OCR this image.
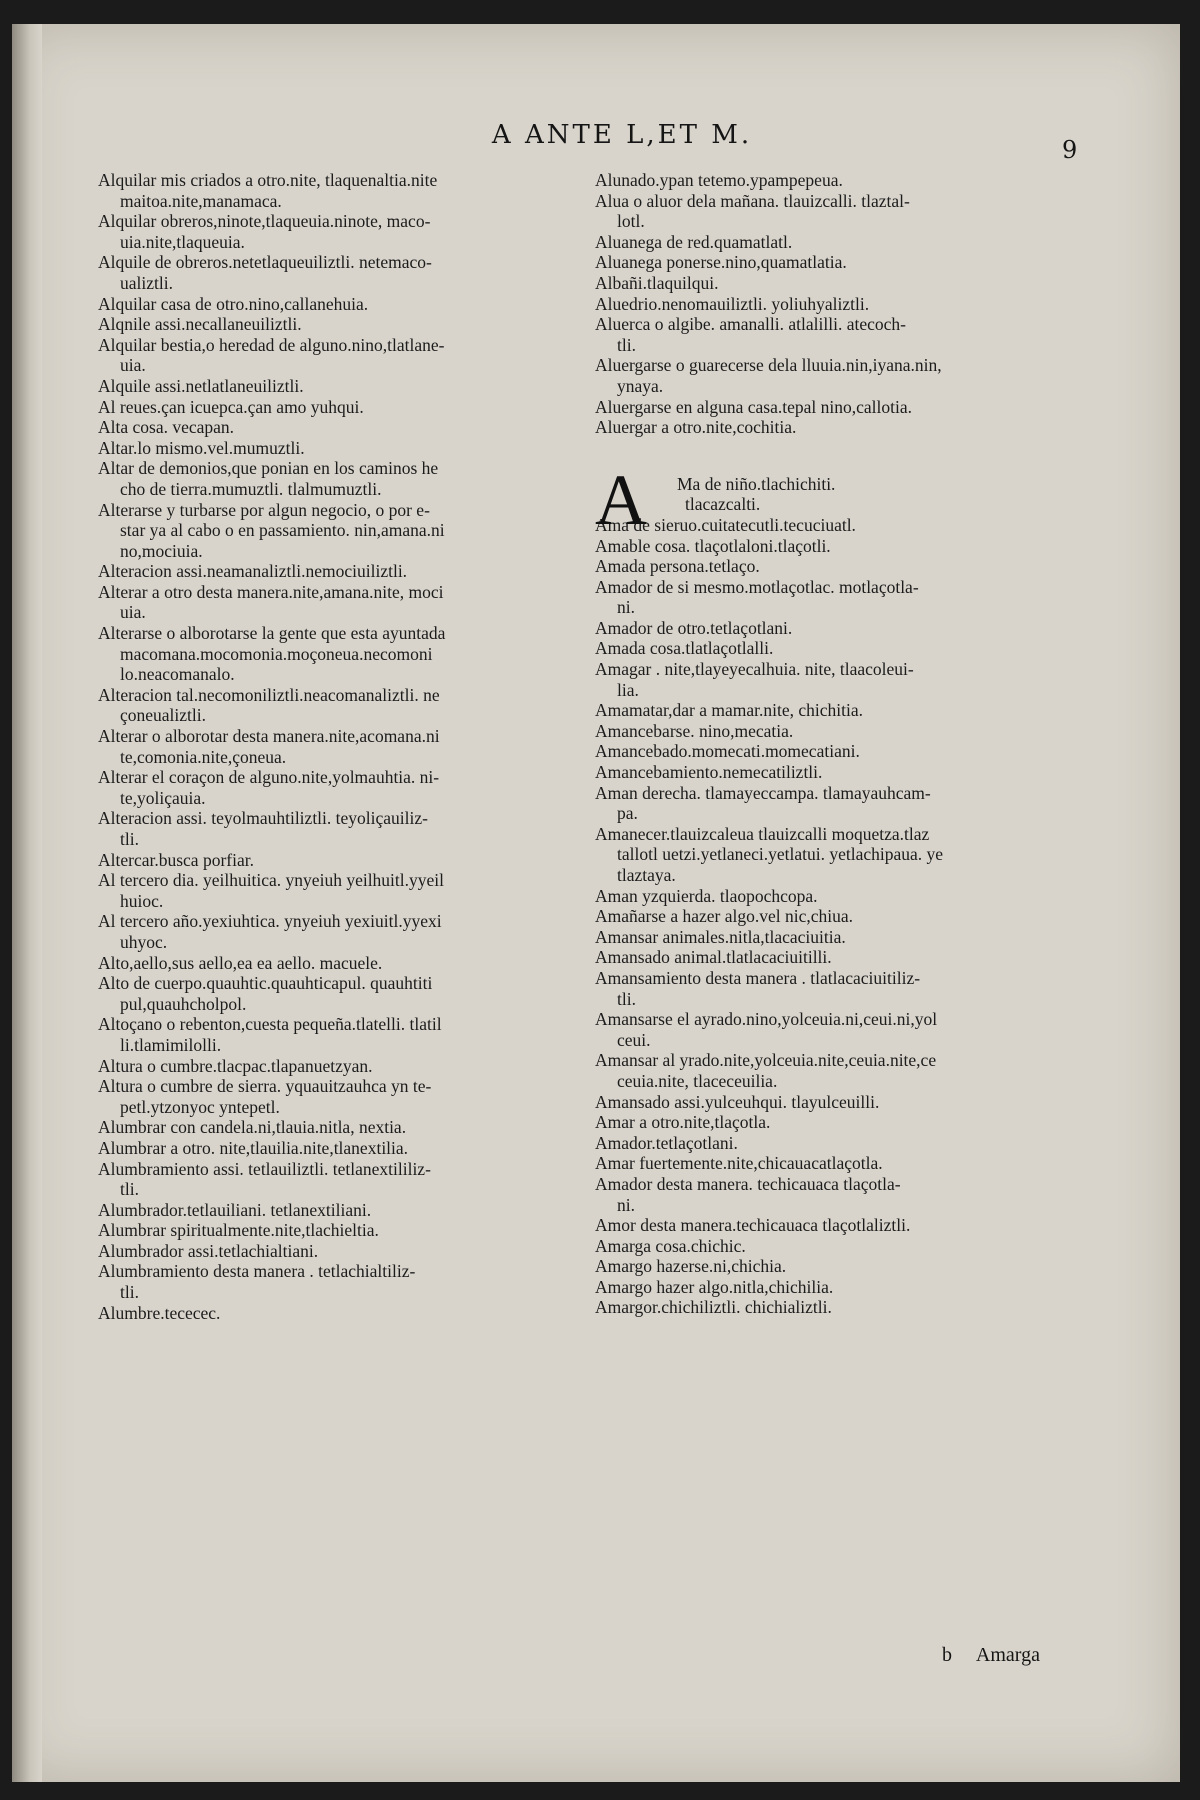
A ANTE L,ET M.	9
Alquilar mis criados a otro.nite, tlaquenaltia.nite
maitoa.nite,manamaca.
Alquilar obreros,ninote,tlaqueuia.ninote, maco-
uia.nite,tlaqueuia.
Alquile de obreros.netetlaqueuiliztli. netemaco-
ualiztli.
Alquilar casa de otro.nino,callanehuia.
Alqnile assi.necallaneuiliztli.
Alquilar bestia,o heredad de alguno.nino,tlatlane-
uia.
Alquile assi.netlatlaneuiliztli.
Al reues.çan icuepca.çan amo yuhqui.
Alta cosa. vecapan.
Altar.lo mismo.vel.mumuztli.
Altar de demonios,que ponian en los caminos he
cho de tierra.mumuztli. tlalmumuztli.
Alterarse y turbarse por algun negocio, o por e-
star ya al cabo o en passamiento. nin,amana.ni
no,mociuia.
Alteracion assi.neamanaliztli.nemociuiliztli.
Alterar a otro desta manera.nite,amana.nite, moci
uia.
Alterarse o alborotarse la gente que esta ayuntada
macomana.mocomonia.moçoneua.necomoni
lo.neacomanalo.
Alteracion tal.necomoniliztli.neacomanaliztli. ne
çoneualiztli.
Alterar o alborotar desta manera.nite,acomana.ni
te,comonia.nite,çoneua.
Alterar el coraçon de alguno.nite,yolmauhtia. ni-
te,yoliçauia.
Alteracion assi. teyolmauhtiliztli. teyoliçauiliz-
tli.
Altercar.busca porfiar.
Al tercero dia. yeilhuitica. ynyeiuh yeilhuitl.yyeil
huioc.
Al tercero año.yexiuhtica. ynyeiuh yexiuitl.yyexi
uhyoc.
Alto,aello,sus aello,ea ea aello. macuele.
Alto de cuerpo.quauhtic.quauhticapul. quauhtiti
pul,quauhcholpol.
Altoçano o rebenton,cuesta pequeña.tlatelli. tlatil
li.tlamimilolli.
Altura o cumbre.tlacpac.tlapanuetzyan.
Altura o cumbre de sierra. yquauitzauhca yn te-
petl.ytzonyoc yntepetl.
Alumbrar con candela.ni,tlauia.nitla, nextia.
Alumbrar a otro. nite,tlauilia.nite,tlanextilia.
Alumbramiento assi. tetlauiliztli. tetlanextililiz-
tli.
Alumbrador.tetlauiliani. tetlanextiliani.
Alumbrar spiritualmente.nite,tlachieltia.
Alumbrador assi.tetlachialtiani.
Alumbramiento desta manera . tetlachialtiliz-
tli.
Alumbre.tececec.
Alunado.ypan tetemo.ypampepeua.
Alua o aluor dela mañana. tlauizcalli. tlaztal-
lotl.
Aluanega de red.quamatlatl.
Aluanega ponerse.nino,quamatlatia.
Albañi.tlaquilqui.
Aluedrio.nenomauiliztli. yoliuhyaliztli.
Aluerca o algibe. amanalli. atlalilli. atecoch-
tli.
Aluergarse o guarecerse dela lluuia.nin,iyana.nin,
ynaya.
Aluergarse en alguna casa.tepal nino,callotia.
Aluergar a otro.nite,cochitia.
A	Ma de niño.tlachichiti.
tlacazcalti.
Ama de sieruo.cuitatecutli.tecuciuatl.
Amable cosa. tlaçotlaloni.tlaçotli.
Amada persona.tetlaço.
Amador de si mesmo.motlaçotlac. motlaçotla-
ni.
Amador de otro.tetlaçotlani.
Amada cosa.tlatlaçotlalli.
Amagar . nite,tlayeyecalhuia. nite, tlaacoleui-
lia.
Amamatar,dar a mamar.nite, chichitia.
Amancebarse. nino,mecatia.
Amancebado.momecati.momecatiani.
Amancebamiento.nemecatiliztli.
Aman derecha. tlamayeccampa. tlamayauhcam-
pa.
Amanecer.tlauizcaleua tlauizcalli moquetza.tlaz
tallotl uetzi.yetlaneci.yetlatui. yetlachipaua. ye
tlaztaya.
Aman yzquierda. tlaopochcopa.
Amañarse a hazer algo.vel nic,chiua.
Amansar animales.nitla,tlacaciuitia.
Amansado animal.tlatlacaciuitilli.
Amansamiento desta manera . tlatlacaciuitiliz-
tli.
Amansarse el ayrado.nino,yolceuia.ni,ceui.ni,yol
ceui.
Amansar al yrado.nite,yolceuia.nite,ceuia.nite,ce
ceuia.nite, tlaceceuilia.
Amansado assi.yulceuhqui. tlayulceuilli.
Amar a otro.nite,tlaçotla.
Amador.tetlaçotlani.
Amar fuertemente.nite,chicauacatlaçotla.
Amador desta manera. techicauaca tlaçotla-
ni.
Amor desta manera.techicauaca tlaçotlaliztli.
Amarga cosa.chichic.
Amargo hazerse.ni,chichia.
Amargo hazer algo.nitla,chichilia.
Amargor.chichiliztli. chichializtli.
b Amarga
